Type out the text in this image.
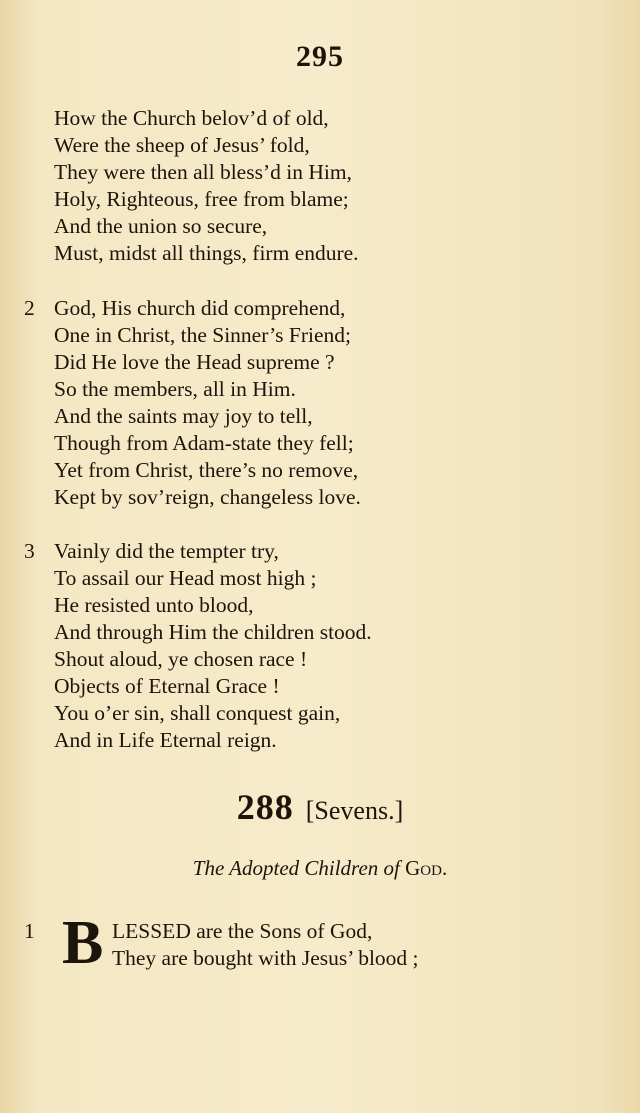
295
How the Church belov’d of old,
Were the sheep of Jesus’ fold,
They were then all bless’d in Him,
Holy, Righteous, free from blame;
And the union so secure,
Must, midst all things, firm endure.
2 God, His church did comprehend,
One in Christ, the Sinner’s Friend;
Did He love the Head supreme ?
So the members, all in Him.
And the saints may joy to tell,
Though from Adam-state they fell;
Yet from Christ, there’s no remove,
Kept by sov’reign, changeless love.
3 Vainly did the tempter try,
To assail our Head most high ;
He resisted unto blood,
And through Him the children stood.
Shout aloud, ye chosen race !
Objects of Eternal Grace !
You o’er sin, shall conquest gain,
And in Life Eternal reign.
288 [Sevens.]
The Adopted Children of God.
1 B LESSED are the Sons of God,
They are bought with Jesus’ blood ;
